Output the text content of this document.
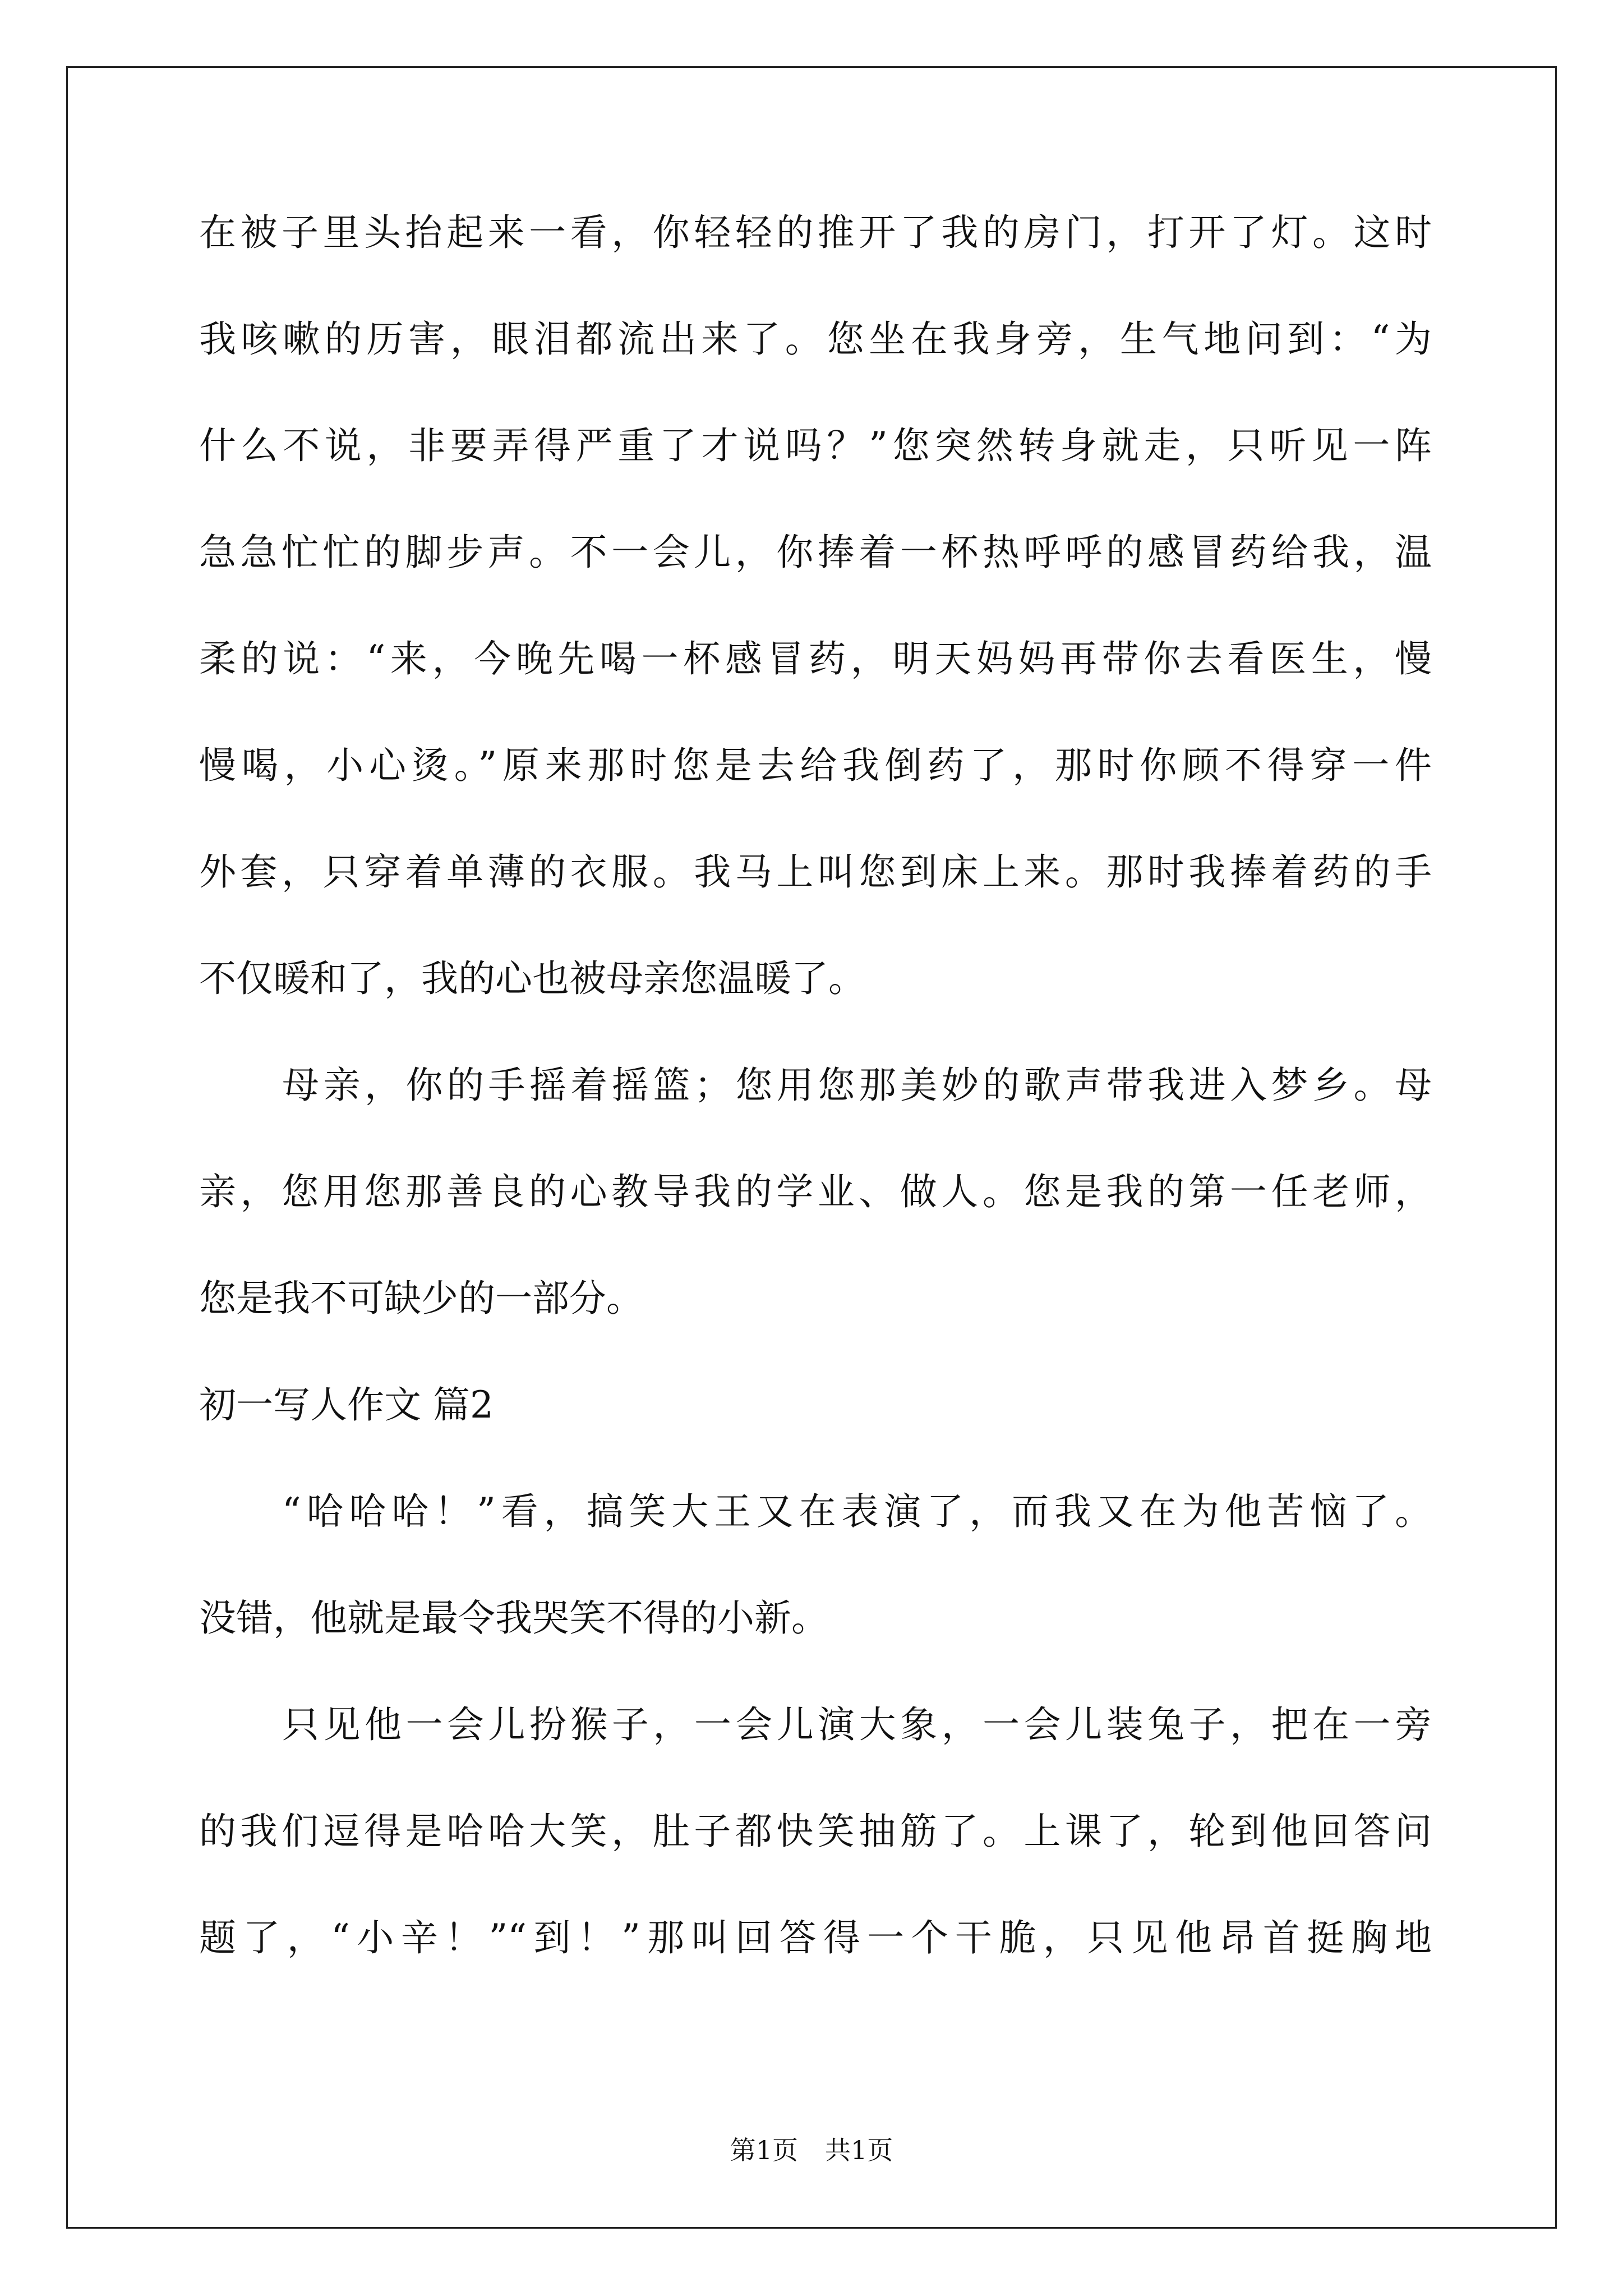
在被子里头抬起来一看，你轻轻的推开了我的房门，打开了灯。这时
我咳嗽的历害，眼泪都流出来了。您坐在我身旁，生气地问到：“为
什么不说，非要弄得严重了才说吗？”您突然转身就走，只听见一阵
急急忙忙的脚步声。不一会儿，你捧着一杯热呼呼的感冒药给我，温
柔的说：“来，今晚先喝一杯感冒药，明天妈妈再带你去看医生，慢
慢喝，小心烫。”原来那时您是去给我倒药了，那时你顾不得穿一件
外套，只穿着单薄的衣服。我马上叫您到床上来。那时我捧着药的手
不仅暖和了，我的心也被母亲您温暖了。
母亲，你的手摇着摇篮；您用您那美妙的歌声带我进入梦乡。母
亲，您用您那善良的心教导我的学业、做人。您是我的第一任老师，
您是我不可缺少的一部分。
初一写人作文 篇2
“哈哈哈！”看，搞笑大王又在表演了，而我又在为他苦恼了。
没错，他就是最令我哭笑不得的小新。
只见他一会儿扮猴子，一会儿演大象，一会儿装兔子，把在一旁
的我们逗得是哈哈大笑，肚子都快笑抽筋了。上课了，轮到他回答问
题了，“小辛！”“到！”那叫回答得一个干脆，只见他昂首挺胸地
第1页 共1页
